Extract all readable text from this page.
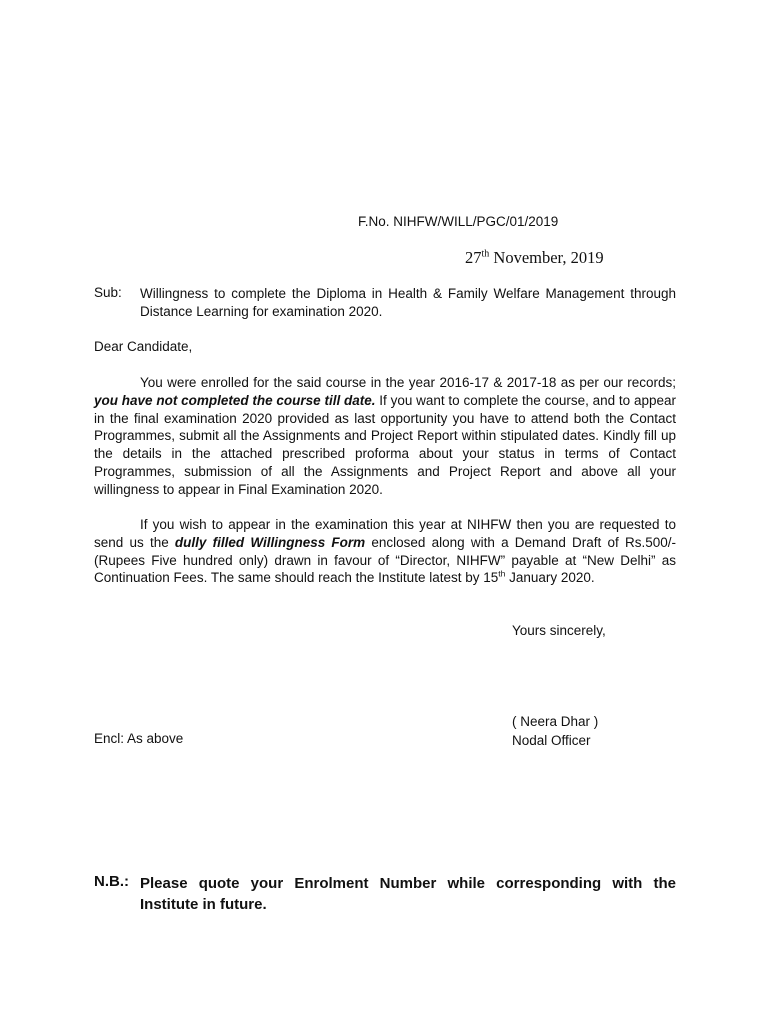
F.No. NIHFW/WILL/PGC/01/2019
27th November, 2019
Sub: Willingness to complete the Diploma in Health & Family Welfare Management through Distance Learning for examination 2020.
Dear Candidate,
You were enrolled for the said course in the year 2016-17 & 2017-18 as per our records; you have not completed the course till date. If you want to complete the course, and to appear in the final examination 2020 provided as last opportunity you have to attend both the Contact Programmes, submit all the Assignments and Project Report within stipulated dates. Kindly fill up the details in the attached prescribed proforma about your status in terms of Contact Programmes, submission of all the Assignments and Project Report and above all your willingness to appear in Final Examination 2020.
If you wish to appear in the examination this year at NIHFW then you are requested to send us the dully filled Willingness Form enclosed along with a Demand Draft of Rs.500/-(Rupees Five hundred only) drawn in favour of “Director, NIHFW” payable at “New Delhi” as Continuation Fees. The same should reach the Institute latest by 15th January 2020.
Yours sincerely,
( Neera Dhar )
Nodal Officer
Encl: As above
N.B.: Please quote your Enrolment Number while corresponding with the Institute in future.
